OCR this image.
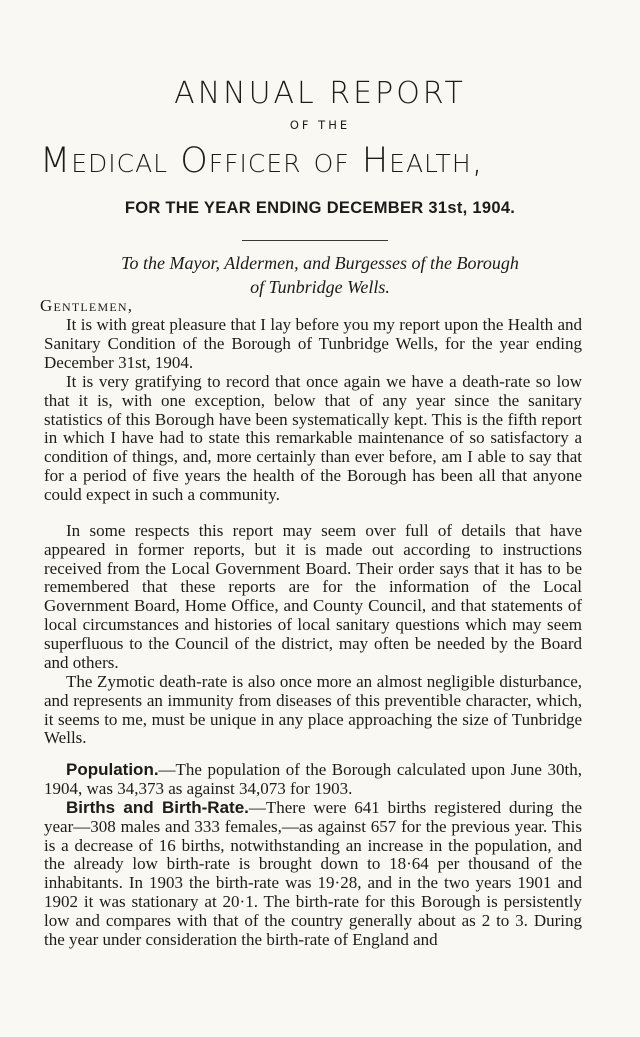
ANNUAL REPORT
OF THE
Medical Officer of Health,
FOR THE YEAR ENDING DECEMBER 31st, 1904.

To the Mayor, Aldermen, and Burgesses of the Borough
of Tunbridge Wells.

Gentlemen,

It is with great pleasure that I lay before you my report upon the Health and Sanitary Condition of the Borough of Tunbridge Wells, for the year ending December 31st, 1904.

It is very gratifying to record that once again we have a death-rate so low that it is, with one exception, below that of any year since the sanitary statistics of this Borough have been systematically kept. This is the fifth report in which I have had to state this remarkable maintenance of so satisfactory a condition of things, and, more certainly than ever before, am I able to say that for a period of five years the health of the Borough has been all that anyone could expect in such a community.

In some respects this report may seem over full of details that have appeared in former reports, but it is made out according to instructions received from the Local Government Board. Their order says that it has to be remembered that these reports are for the information of the Local Government Board, Home Office, and County Council, and that statements of local circumstances and histories of local sanitary questions which may seem superfluous to the Council of the district, may often be needed by the Board and others.

The Zymotic death-rate is also once more an almost negligible disturbance, and represents an immunity from diseases of this preventible character, which, it seems to me, must be unique in any place approaching the size of Tunbridge Wells.

Population.—The population of the Borough calculated upon June 30th, 1904, was 34,373 as against 34,073 for 1903.

Births and Birth-Rate.—There were 641 births registered during the year—308 males and 333 females,—as against 657 for the previous year. This is a decrease of 16 births, notwithstanding an increase in the population, and the already low birth-rate is brought down to 18·64 per thousand of the inhabitants. In 1903 the birth-rate was 19·28, and in the two years 1901 and 1902 it was stationary at 20·1. The birth-rate for this Borough is persistently low and compares with that of the country generally about as 2 to 3. During the year under consideration the birth-rate of England and
